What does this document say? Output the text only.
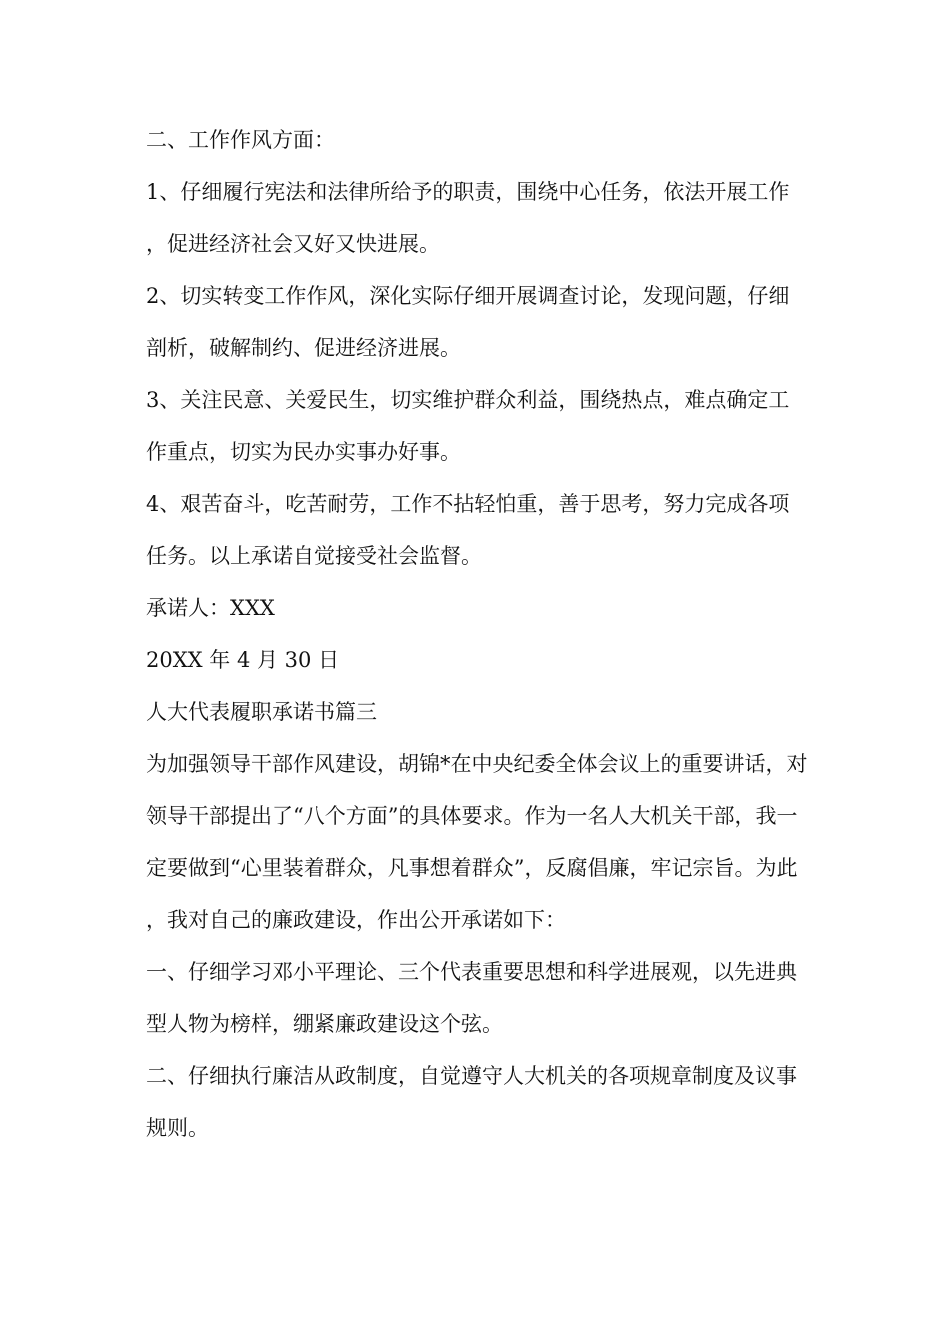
二、工作作风方面：

1、仔细履行宪法和法律所给予的职责，围绕中心任务，依法开展工作，促进经济社会又好又快进展。

2、切实转变工作作风，深化实际仔细开展调查讨论，发现问题，仔细剖析，破解制约、促进经济进展。

3、关注民意、关爱民生，切实维护群众利益，围绕热点，难点确定工作重点，切实为民办实事办好事。

4、艰苦奋斗，吃苦耐劳，工作不拈轻怕重，善于思考，努力完成各项任务。以上承诺自觉接受社会监督。

承诺人：XXX

20XX 年 4 月 30 日

人大代表履职承诺书篇三

为加强领导干部作风建设，胡锦*在中央纪委全体会议上的重要讲话，对领导干部提出了“八个方面”的具体要求。作为一名人大机关干部，我一定要做到“心里装着群众，凡事想着群众”，反腐倡廉，牢记宗旨。为此，我对自己的廉政建设，作出公开承诺如下：

一、仔细学习邓小平理论、三个代表重要思想和科学进展观，以先进典型人物为榜样，绷紧廉政建设这个弦。

二、仔细执行廉洁从政制度，自觉遵守人大机关的各项规章制度及议事规则。
